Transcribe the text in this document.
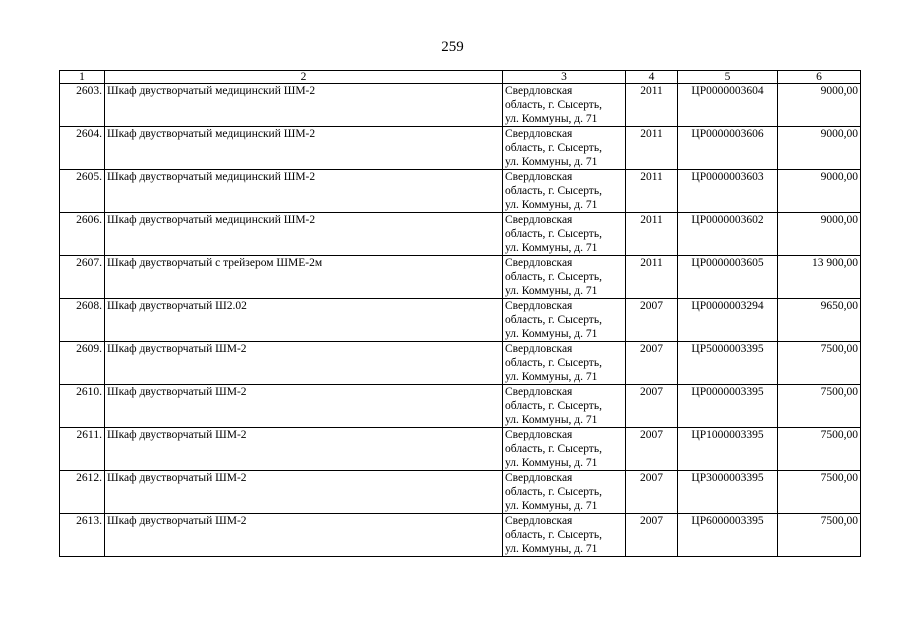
259
1	2	3	4	5	6
2603.	Шкаф двустворчатый медицинский ШМ-2	Свердловская
область, г. Сысерть,
ул. Коммуны, д. 71	2011	ЦР0000003604	9000,00
2604.	Шкаф двустворчатый медицинский ШМ-2	Свердловская
область, г. Сысерть,
ул. Коммуны, д. 71	2011	ЦР0000003606	9000,00
2605.	Шкаф двустворчатый медицинский ШМ-2	Свердловская
область, г. Сысерть,
ул. Коммуны, д. 71	2011	ЦР0000003603	9000,00
2606.	Шкаф двустворчатый медицинский ШМ-2	Свердловская
область, г. Сысерть,
ул. Коммуны, д. 71	2011	ЦР0000003602	9000,00
2607.	Шкаф двустворчатый с трейзером ШМЕ-2м	Свердловская
область, г. Сысерть,
ул. Коммуны, д. 71	2011	ЦР0000003605	13 900,00
2608.	Шкаф двустворчатый Ш2.02	Свердловская
область, г. Сысерть,
ул. Коммуны, д. 71	2007	ЦР0000003294	9650,00
2609.	Шкаф двустворчатый ШМ-2	Свердловская
область, г. Сысерть,
ул. Коммуны, д. 71	2007	ЦР5000003395	7500,00
2610.	Шкаф двустворчатый ШМ-2	Свердловская
область, г. Сысерть,
ул. Коммуны, д. 71	2007	ЦР0000003395	7500,00
2611.	Шкаф двустворчатый ШМ-2	Свердловская
область, г. Сысерть,
ул. Коммуны, д. 71	2007	ЦР1000003395	7500,00
2612.	Шкаф двустворчатый ШМ-2	Свердловская
область, г. Сысерть,
ул. Коммуны, д. 71	2007	ЦР3000003395	7500,00
2613.	Шкаф двустворчатый ШМ-2	Свердловская
область, г. Сысерть,
ул. Коммуны, д. 71	2007	ЦР6000003395	7500,00
